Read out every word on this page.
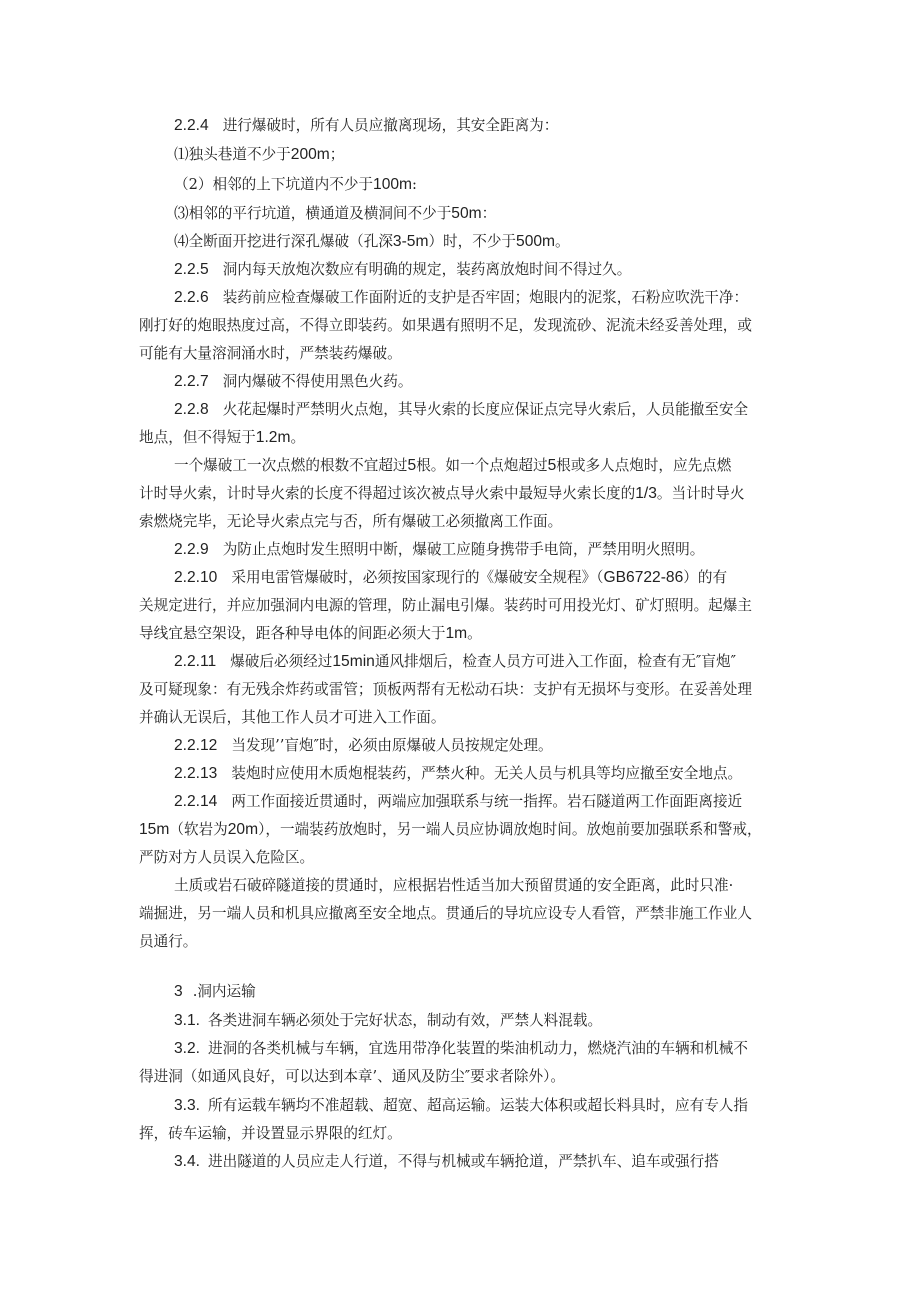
2.2.4 进行爆破时，所有人员应撤离现场，其安全距离为：

⑴独头巷道不少于200m；

（2）相邻的上下坑道内不少于100m:

⑶相邻的平行坑道，横通道及横洞间不少于50m：

⑷全断面开挖进行深孔爆破（孔深3-5m）时，不少于500m。

2.2.5 洞内每天放炮次数应有明确的规定，装药离放炮时间不得过久。

2.2.6 装药前应检查爆破工作面附近的支护是否牢固；炮眼内的泥浆，石粉应吹洗干净：

刚打好的炮眼热度过高，不得立即装药。如果遇有照明不足，发现流砂、泥流未经妥善处理，或

可能有大量溶洞涌水时，严禁装药爆破。

2.2.7 洞内爆破不得使用黑色火药。

2.2.8 火花起爆时严禁明火点炮，其导火索的长度应保证点完导火索后，人员能撤至安全

地点，但不得短于1.2m。

一个爆破工一次点燃的根数不宜超过5根。如一个点炮超过5根或多人点炮时，应先点燃

计时导火索，计时导火索的长度不得超过该次被点导火索中最短导火索长度的1/3。当计时导火

索燃烧完毕，无论导火索点完与否，所有爆破工必须撤离工作面。

2.2.9 为防止点炮时发生照明中断，爆破工应随身携带手电筒，严禁用明火照明。

2.2.10 采用电雷管爆破时，必须按国家现行的《爆破安全规程》（GB6722-86）的有

关规定进行，并应加强洞内电源的管理，防止漏电引爆。装药时可用投光灯、矿灯照明。起爆主

导线宜悬空架设，距各种导电体的间距必须大于1m。

2.2.11 爆破后必须经过15min通风排烟后，检查人员方可进入工作面，检查有无″盲炮″

及可疑现象：有无残余炸药或雷管；顶板两帮有无松动石块：支护有无损坏与变形。在妥善处理

并确认无误后，其他工作人员才可进入工作面。

2.2.12 当发现’’盲炮″时，必须由原爆破人员按规定处理。

2.2.13 装炮时应使用木质炮棍装药，严禁火种。无关人员与机具等均应撤至安全地点。

2.2.14 两工作面接近贯通时，两端应加强联系与统一指挥。岩石隧道两工作面距离接近

15m（软岩为20m），一端装药放炮时，另一端人员应协调放炮时间。放炮前要加强联系和警戒，

严防对方人员误入危险区。

土质或岩石破碎隧道接的贯通时，应根据岩性适当加大预留贯通的安全距离，此时只准·

端掘进，另一端人员和机具应撤离至安全地点。贯通后的导坑应设专人看管，严禁非施工作业人

员通行。

3 .洞内运输

3.1. 各类进洞车辆必须处于完好状态，制动有效，严禁人料混载。

3.2. 进洞的各类机械与车辆，宜选用带净化装置的柴油机动力，燃烧汽油的车辆和机械不

得进洞（如通风良好，可以达到本章’、通风及防尘″要求者除外）。

3.3. 所有运载车辆均不准超载、超宽、超高运输。运装大体积或超长料具时，应有专人指

挥，砖车运输，并设置显示界限的红灯。

3.4. 进出隧道的人员应走人行道，不得与机械或车辆抢道，严禁扒车、追车或强行搭
